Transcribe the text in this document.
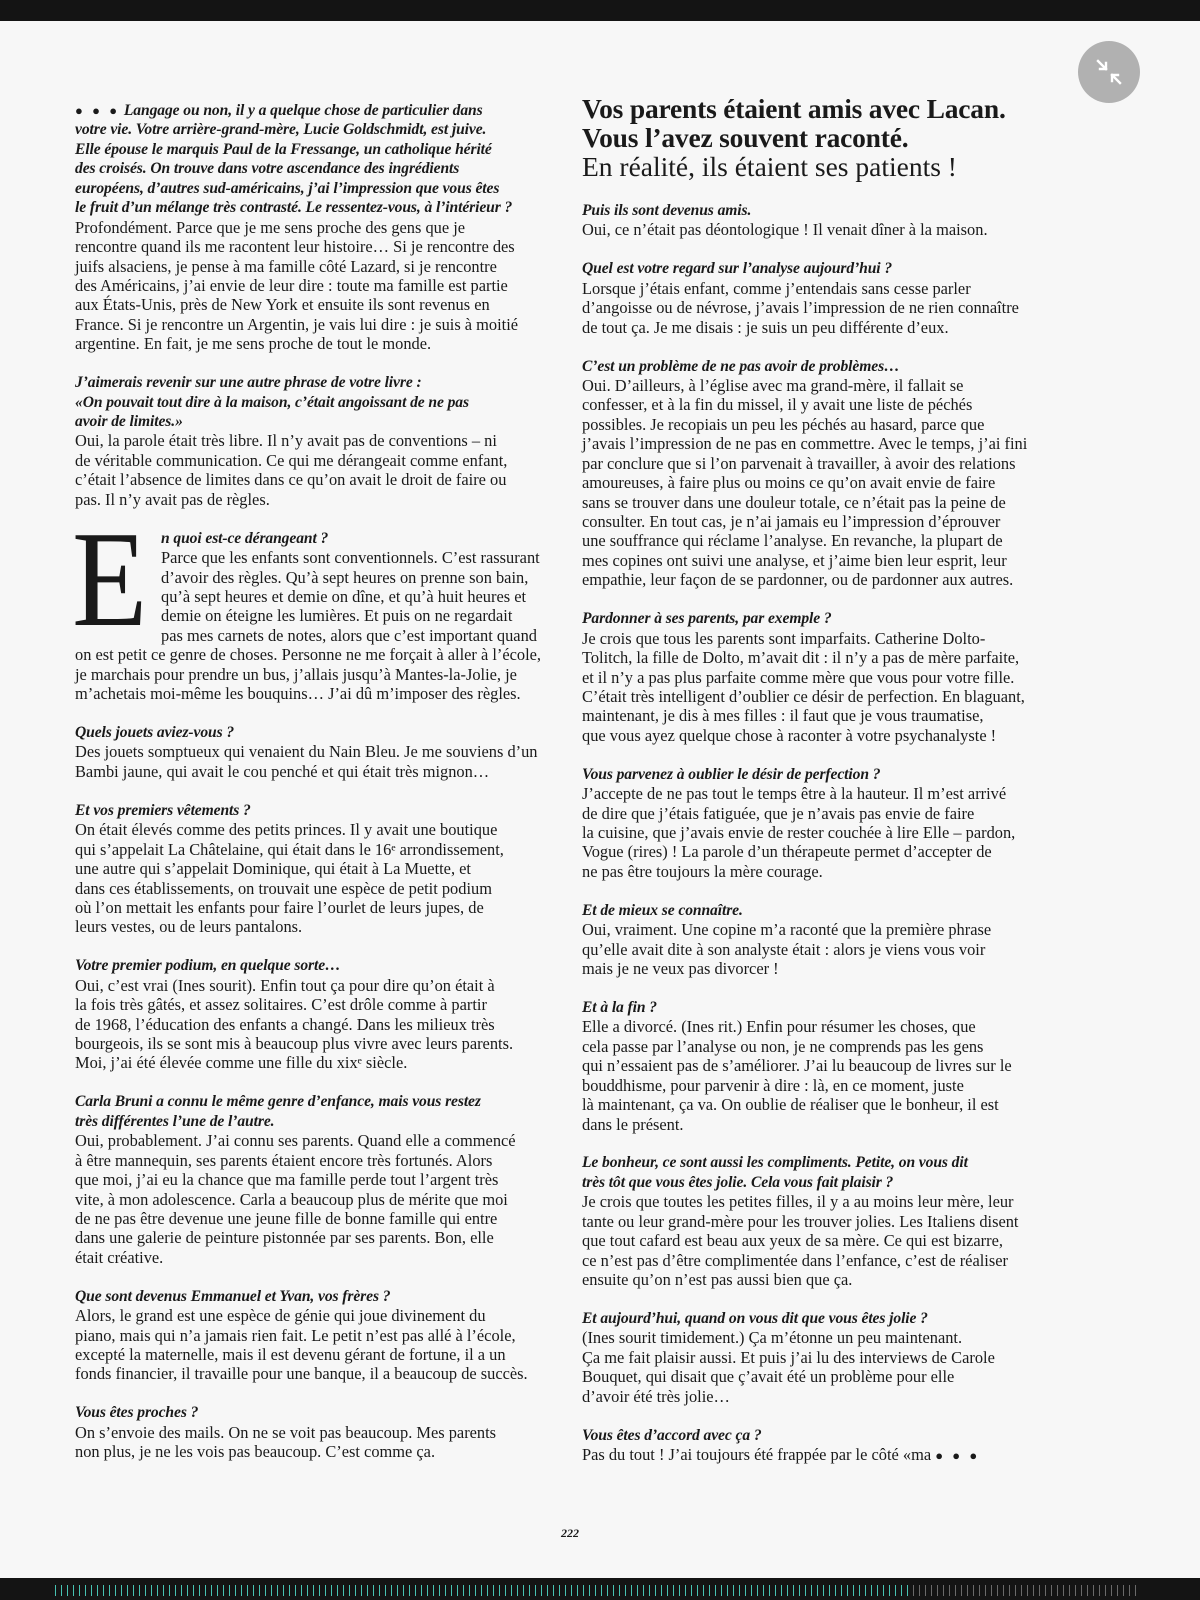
● ● ● Langage ou non, il y a quelque chose de particulier dans
votre vie. Votre arrière-grand-mère, Lucie Goldschmidt, est juive.
Elle épouse le marquis Paul de la Fressange, un catholique hérité
des croisés. On trouve dans votre ascendance des ingrédients
européens, d’autres sud-américains, j’ai l’impression que vous êtes
le fruit d’un mélange très contrasté. Le ressentez-vous, à l’intérieur ?
Profondément. Parce que je me sens proche des gens que je
rencontre quand ils me racontent leur histoire… Si je rencontre des
juifs alsaciens, je pense à ma famille côté Lazard, si je rencontre
des Américains, j’ai envie de leur dire : toute ma famille est partie
aux États-Unis, près de New York et ensuite ils sont revenus en
France. Si je rencontre un Argentin, je vais lui dire : je suis à moitié
argentine. En fait, je me sens proche de tout le monde.
J’aimerais revenir sur une autre phrase de votre livre :
«On pouvait tout dire à la maison, c’était angoissant de ne pas
avoir de limites.»
Oui, la parole était très libre. Il n’y avait pas de conventions – ni
de véritable communication. Ce qui me dérangeait comme enfant,
c’était l’absence de limites dans ce qu’on avait le droit de faire ou
pas. Il n’y avait pas de règles.
E n quoi est-ce dérangeant ?
Parce que les enfants sont conventionnels. C’est rassurant
d’avoir des règles. Qu’à sept heures on prenne son bain,
qu’à sept heures et demie on dîne, et qu’à huit heures et
demie on éteigne les lumières. Et puis on ne regardait
pas mes carnets de notes, alors que c’est important quand
on est petit ce genre de choses. Personne ne me forçait à aller à l’école,
je marchais pour prendre un bus, j’allais jusqu’à Mantes-la-Jolie, je
m’achetais moi-même les bouquins… J’ai dû m’imposer des règles.
Quels jouets aviez-vous ?
Des jouets somptueux qui venaient du Nain Bleu. Je me souviens d’un
Bambi jaune, qui avait le cou penché et qui était très mignon…
Et vos premiers vêtements ?
On était élevés comme des petits princes. Il y avait une boutique
qui s’appelait La Châtelaine, qui était dans le 16ᵉ arrondissement,
une autre qui s’appelait Dominique, qui était à La Muette, et
dans ces établissements, on trouvait une espèce de petit podium
où l’on mettait les enfants pour faire l’ourlet de leurs jupes, de
leurs vestes, ou de leurs pantalons.
Votre premier podium, en quelque sorte…
Oui, c’est vrai (Ines sourit). Enfin tout ça pour dire qu’on était à
la fois très gâtés, et assez solitaires. C’est drôle comme à partir
de 1968, l’éducation des enfants a changé. Dans les milieux très
bourgeois, ils se sont mis à beaucoup plus vivre avec leurs parents.
Moi, j’ai été élevée comme une fille du xixᵉ siècle.
Carla Bruni a connu le même genre d’enfance, mais vous restez
très différentes l’une de l’autre.
Oui, probablement. J’ai connu ses parents. Quand elle a commencé
à être mannequin, ses parents étaient encore très fortunés. Alors
que moi, j’ai eu la chance que ma famille perde tout l’argent très
vite, à mon adolescence. Carla a beaucoup plus de mérite que moi
de ne pas être devenue une jeune fille de bonne famille qui entre
dans une galerie de peinture pistonnée par ses parents. Bon, elle
était créative.
Que sont devenus Emmanuel et Yvan, vos frères ?
Alors, le grand est une espèce de génie qui joue divinement du
piano, mais qui n’a jamais rien fait. Le petit n’est pas allé à l’école,
excepté la maternelle, mais il est devenu gérant de fortune, il a un
fonds financier, il travaille pour une banque, il a beaucoup de succès.
Vous êtes proches ?
On s’envoie des mails. On ne se voit pas beaucoup. Mes parents
non plus, je ne les vois pas beaucoup. C’est comme ça.
Vos parents étaient amis avec Lacan.
Vous l’avez souvent raconté.
En réalité, ils étaient ses patients !
Puis ils sont devenus amis.
Oui, ce n’était pas déontologique ! Il venait dîner à la maison.
Quel est votre regard sur l’analyse aujourd’hui ?
Lorsque j’étais enfant, comme j’entendais sans cesse parler
d’angoisse ou de névrose, j’avais l’impression de ne rien connaître
de tout ça. Je me disais : je suis un peu différente d’eux.
C’est un problème de ne pas avoir de problèmes…
Oui. D’ailleurs, à l’église avec ma grand-mère, il fallait se
confesser, et à la fin du missel, il y avait une liste de péchés
possibles. Je recopiais un peu les péchés au hasard, parce que
j’avais l’impression de ne pas en commettre. Avec le temps, j’ai fini
par conclure que si l’on parvenait à travailler, à avoir des relations
amoureuses, à faire plus ou moins ce qu’on avait envie de faire
sans se trouver dans une douleur totale, ce n’était pas la peine de
consulter. En tout cas, je n’ai jamais eu l’impression d’éprouver
une souffrance qui réclame l’analyse. En revanche, la plupart de
mes copines ont suivi une analyse, et j’aime bien leur esprit, leur
empathie, leur façon de se pardonner, ou de pardonner aux autres.
Pardonner à ses parents, par exemple ?
Je crois que tous les parents sont imparfaits. Catherine Dolto-
Tolitch, la fille de Dolto, m’avait dit : il n’y a pas de mère parfaite,
et il n’y a pas plus parfaite comme mère que vous pour votre fille.
C’était très intelligent d’oublier ce désir de perfection. En blaguant,
maintenant, je dis à mes filles : il faut que je vous traumatise,
que vous ayez quelque chose à raconter à votre psychanalyste !
Vous parvenez à oublier le désir de perfection ?
J’accepte de ne pas tout le temps être à la hauteur. Il m’est arrivé
de dire que j’étais fatiguée, que je n’avais pas envie de faire
la cuisine, que j’avais envie de rester couchée à lire Elle – pardon,
Vogue (rires) ! La parole d’un thérapeute permet d’accepter de
ne pas être toujours la mère courage.
Et de mieux se connaître.
Oui, vraiment. Une copine m’a raconté que la première phrase
qu’elle avait dite à son analyste était : alors je viens vous voir
mais je ne veux pas divorcer !
Et à la fin ?
Elle a divorcé. (Ines rit.) Enfin pour résumer les choses, que
cela passe par l’analyse ou non, je ne comprends pas les gens
qui n’essaient pas de s’améliorer. J’ai lu beaucoup de livres sur le
bouddhisme, pour parvenir à dire : là, en ce moment, juste
là maintenant, ça va. On oublie de réaliser que le bonheur, il est
dans le présent.
Le bonheur, ce sont aussi les compliments. Petite, on vous dit
très tôt que vous êtes jolie. Cela vous fait plaisir ?
Je crois que toutes les petites filles, il y a au moins leur mère, leur
tante ou leur grand-mère pour les trouver jolies. Les Italiens disent
que tout cafard est beau aux yeux de sa mère. Ce qui est bizarre,
ce n’est pas d’être complimentée dans l’enfance, c’est de réaliser
ensuite qu’on n’est pas aussi bien que ça.
Et aujourd’hui, quand on vous dit que vous êtes jolie ?
(Ines sourit timidement.) Ça m’étonne un peu maintenant.
Ça me fait plaisir aussi. Et puis j’ai lu des interviews de Carole
Bouquet, qui disait que ç’avait été un problème pour elle
d’avoir été très jolie…
Vous êtes d’accord avec ça ?
Pas du tout ! J’ai toujours été frappée par le côté «ma ● ● ●
222
